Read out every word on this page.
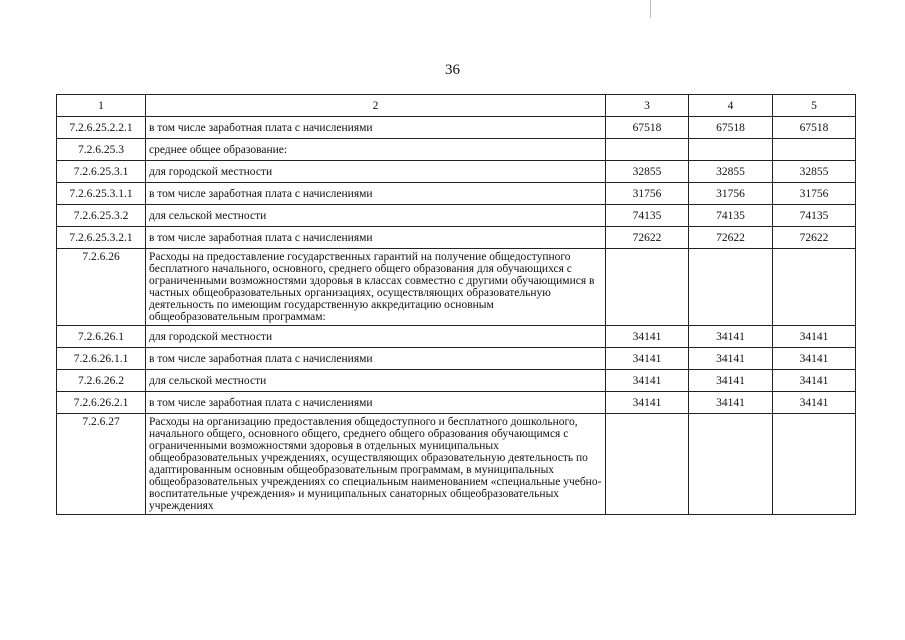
36
1	2	3	4	5
7.2.6.25.2.2.1	в том числе заработная плата с начислениями	67518	67518	67518
7.2.6.25.3	среднее общее образование:			
7.2.6.25.3.1	для городской местности	32855	32855	32855
7.2.6.25.3.1.1	в том числе заработная плата с начислениями	31756	31756	31756
7.2.6.25.3.2	для сельской местности	74135	74135	74135
7.2.6.25.3.2.1	в том числе заработная плата с начислениями	72622	72622	72622
7.2.6.26	Расходы на предоставление государственных гарантий на получение общедоступного бесплатного начального, основного, среднего общего образования для обучающихся с ограниченными возможностями здоровья в классах совместно с другими обучающимися в частных общеобразовательных организациях, осуществляющих образовательную деятельность по имеющим государственную аккредитацию основным общеобразовательным программам:			
7.2.6.26.1	для городской местности	34141	34141	34141
7.2.6.26.1.1	в том числе заработная плата с начислениями	34141	34141	34141
7.2.6.26.2	для сельской местности	34141	34141	34141
7.2.6.26.2.1	в том числе заработная плата с начислениями	34141	34141	34141
7.2.6.27	Расходы на организацию предоставления общедоступного и бесплатного дошкольного, начального общего, основного общего, среднего общего образования обучающимся с ограниченными возможностями здоровья в отдельных муниципальных общеобразовательных учреждениях, осуществляющих образовательную деятельность по адаптированным основным общеобразовательным программам, в муниципальных общеобразовательных учреждениях со специальным наименованием «специальные учебно-воспитательные учреждения» и муниципальных санаторных общеобразовательных учреждениях			
